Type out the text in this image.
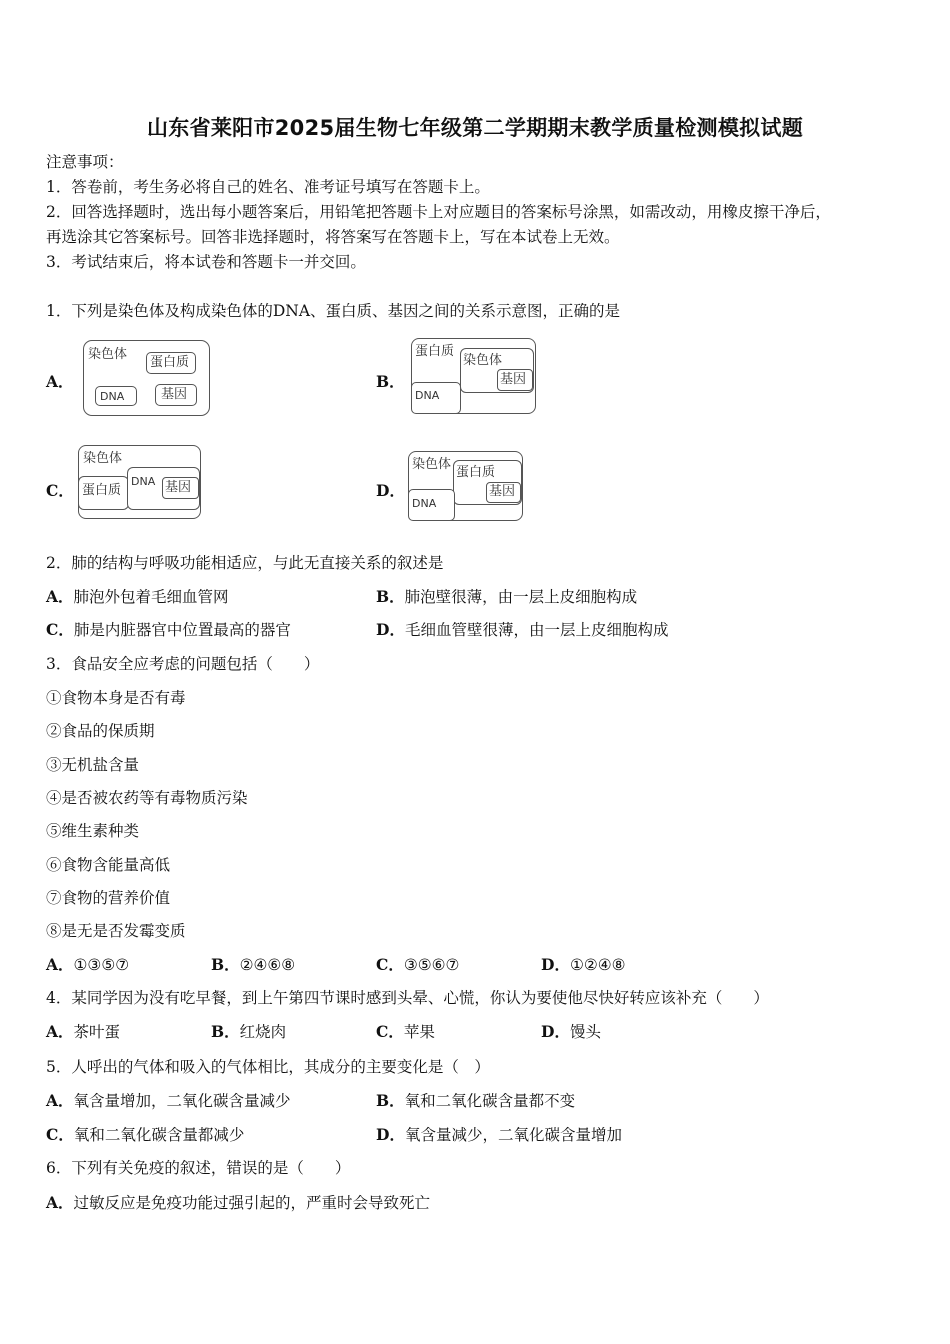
山东省莱阳市2025届生物七年级第二学期期末教学质量检测模拟试题
注意事项：
1．答卷前，考生务必将自己的姓名、准考证号填写在答题卡上。
2．回答选择题时，选出每小题答案后，用铅笔把答题卡上对应题目的答案标号涂黑，如需改动，用橡皮擦干净后，
再选涂其它答案标号。回答非选择题时，将答案写在答题卡上，写在本试卷上无效。
3．考试结束后，将本试卷和答题卡一并交回。
1．下列是染色体及构成染色体的DNA、蛋白质、基因之间的关系示意图，正确的是
A．
染色体
蛋白质
DNA	基因
B．
蛋白质
染色体
基因
DNA
C．
染色体
蛋白质
DNA 基因	D．
染色体
蛋白质
基因
DNA
2．肺的结构与呼吸功能相适应，与此无直接关系的叙述是
A．肺泡外包着毛细血管网	B．肺泡壁很薄，由一层上皮细胞构成
C．肺是内脏器官中位置最高的器官	D．毛细血管壁很薄，由一层上皮细胞构成
3．食品安全应考虑的问题包括（　　）
①食物本身是否有毒
②食品的保质期
③无机盐含量
④是否被农药等有毒物质污染
⑤维生素种类
⑥食物含能量高低
⑦食物的营养价值
⑧是无是否发霉变质
A．①③⑤⑦	B．②④⑥⑧	C．③⑤⑥⑦	D．①②④⑧
4．某同学因为没有吃早餐，到上午第四节课时感到头晕、心慌，你认为要使他尽快好转应该补充（　　）
A．茶叶蛋	B．红烧肉	C．苹果	D．馒头
5．人呼出的气体和吸入的气体相比，其成分的主要变化是（　）
A．氧含量增加，二氧化碳含量减少	B．氧和二氧化碳含量都不变
C．氧和二氧化碳含量都减少	D．氧含量减少，二氧化碳含量增加
6．下列有关免疫的叙述，错误的是（　　）
A．过敏反应是免疫功能过强引起的，严重时会导致死亡
